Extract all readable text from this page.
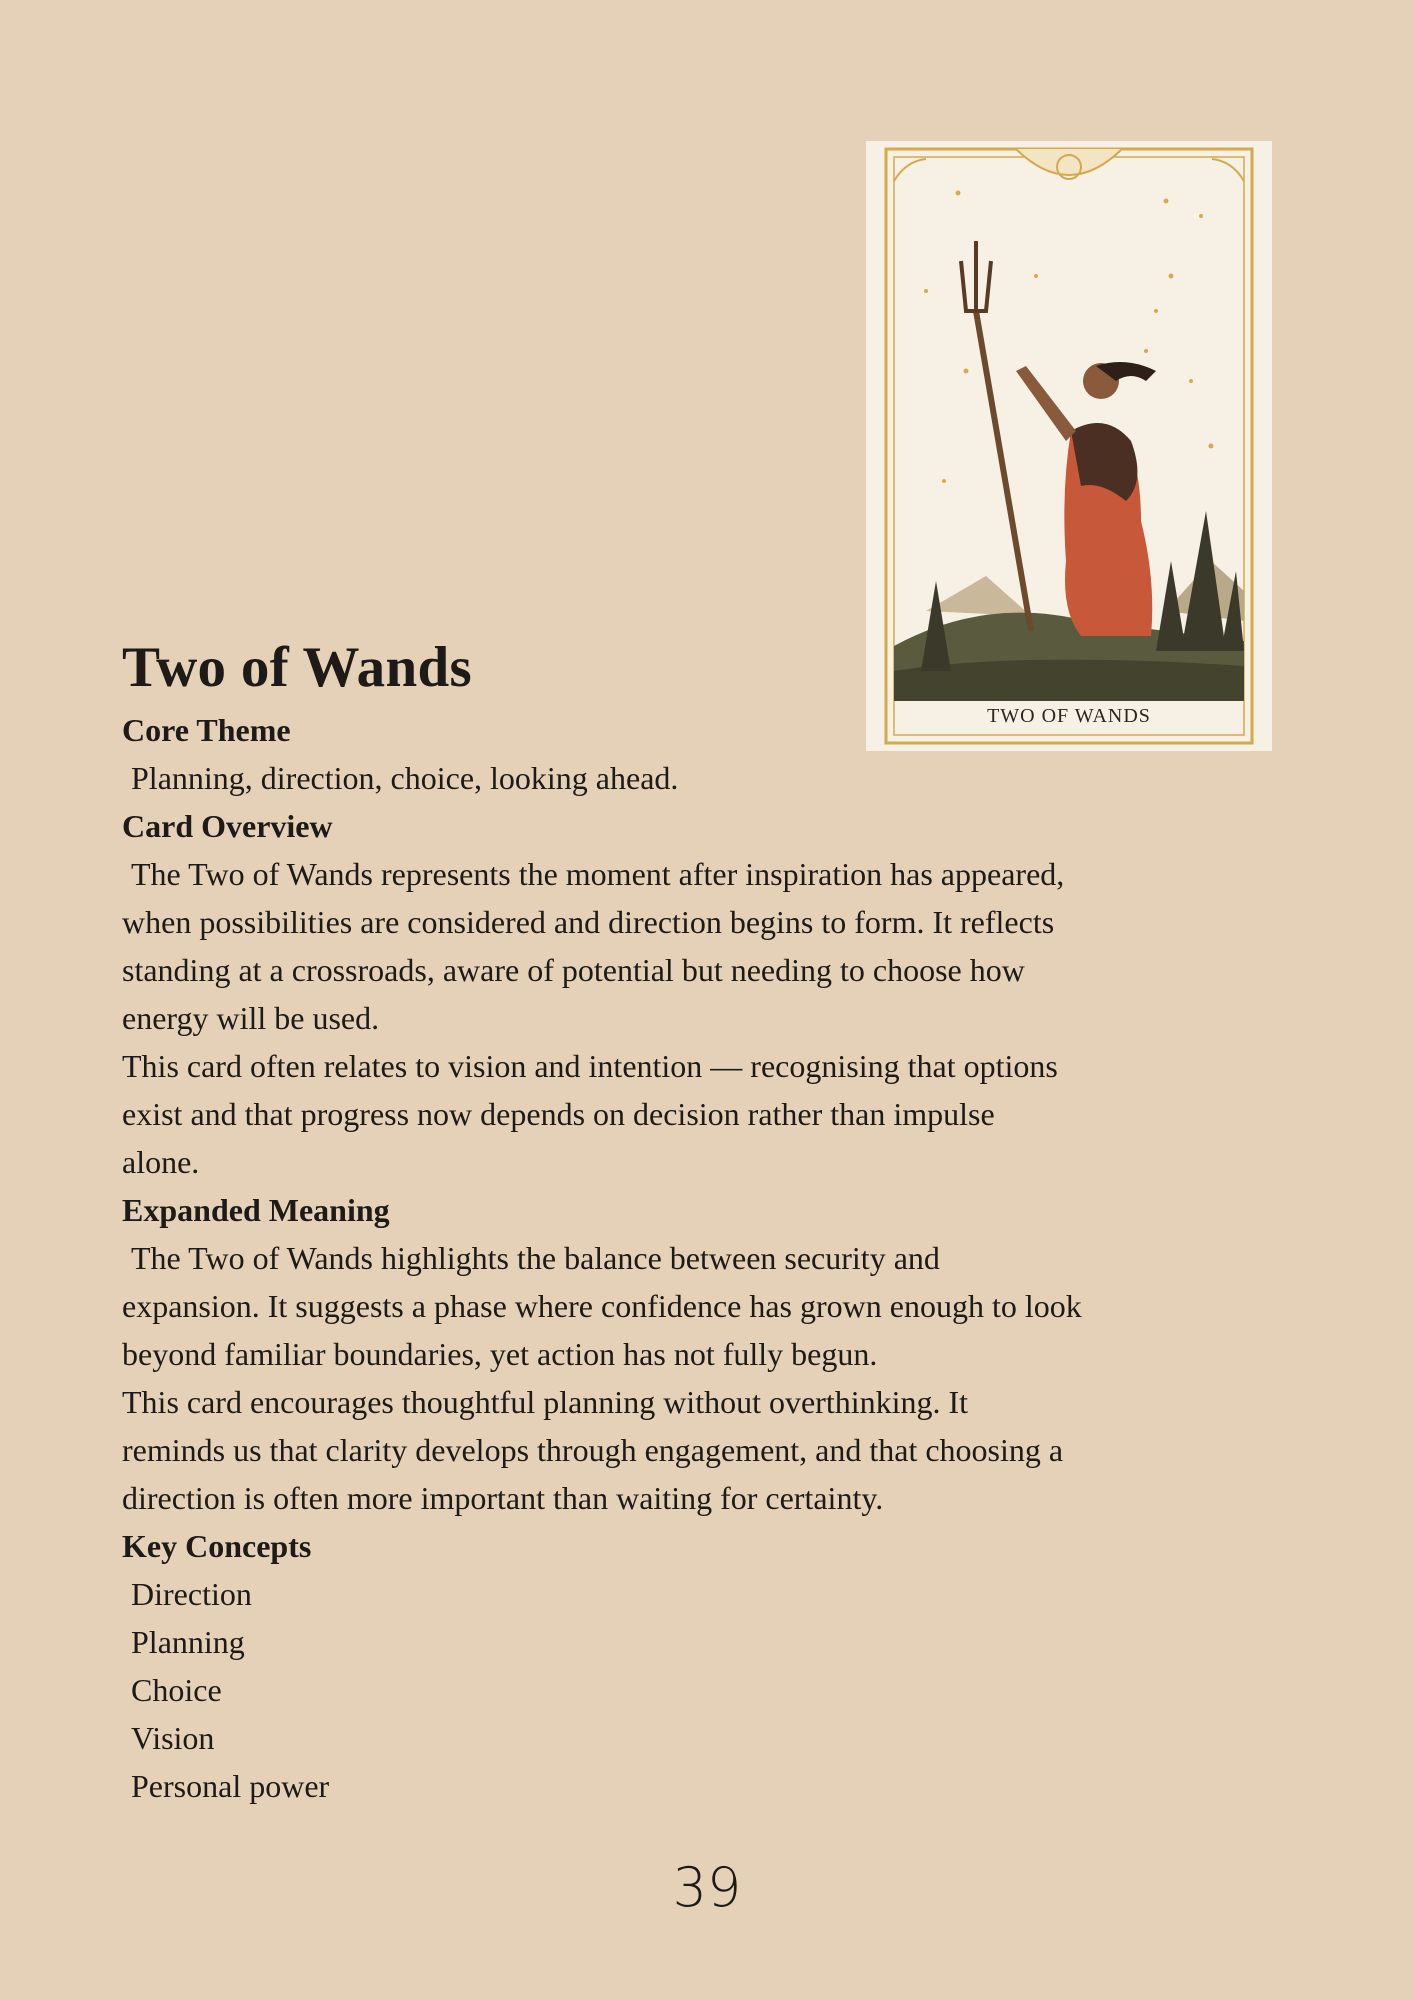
TWO OF WANDS
Two of Wands
Core Theme
Planning, direction, choice, looking ahead.
Card Overview
The Two of Wands represents the moment after inspiration has appeared,
when possibilities are considered and direction begins to form. It reflects
standing at a crossroads, aware of potential but needing to choose how
energy will be used.
This card often relates to vision and intention — recognising that options
exist and that progress now depends on decision rather than impulse
alone.
Expanded Meaning
The Two of Wands highlights the balance between security and
expansion. It suggests a phase where confidence has grown enough to look
beyond familiar boundaries, yet action has not fully begun.
This card encourages thoughtful planning without overthinking. It
reminds us that clarity develops through engagement, and that choosing a
direction is often more important than waiting for certainty.
Key Concepts
Direction
Planning
Choice
Vision
Personal power
39
